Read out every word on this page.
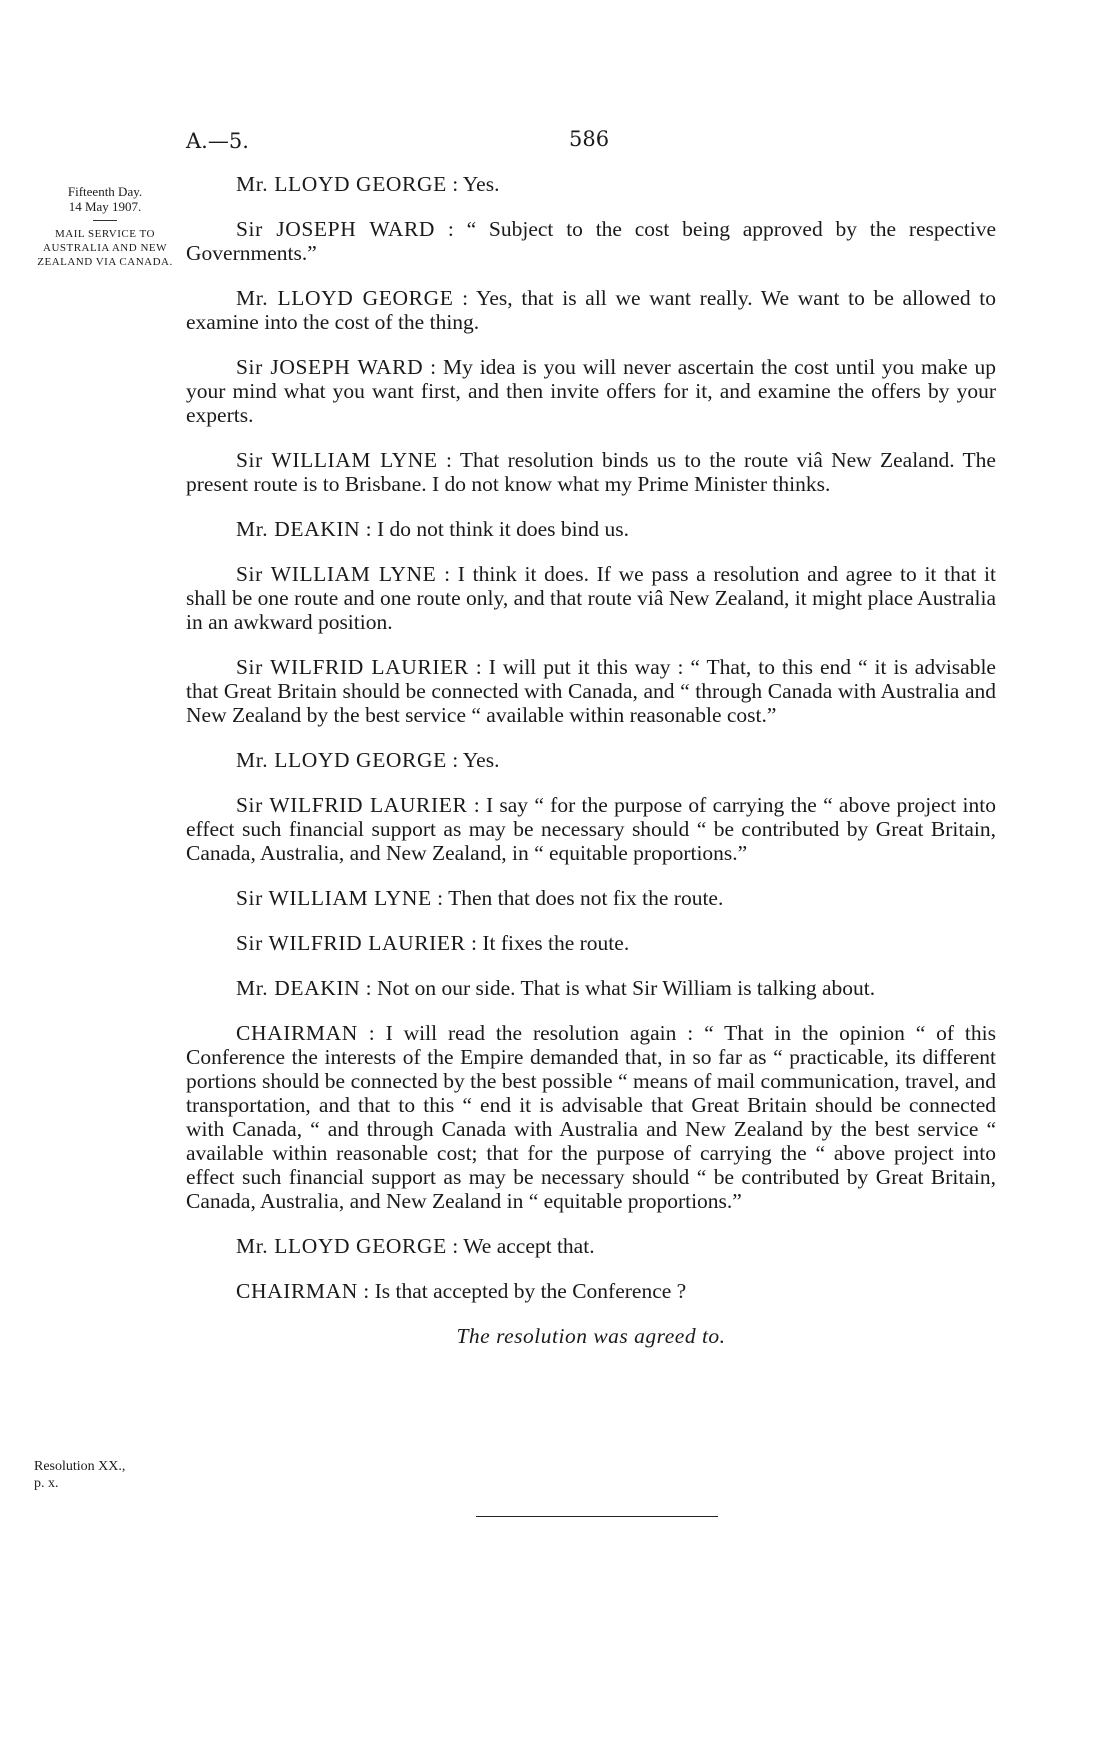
A.—5.	586
Fifteenth Day.
14 May 1907.
MAIL SERVICE TO AUSTRALIA AND NEW ZEALAND VIA CANADA.
Resolution XX.,
p. x.

Mr. LLOYD GEORGE : Yes.

Sir JOSEPH WARD : “ Subject to the cost being approved by the respective Governments.”

Mr. LLOYD GEORGE : Yes, that is all we want really. We want to be allowed to examine into the cost of the thing.

Sir JOSEPH WARD : My idea is you will never ascertain the cost until you make up your mind what you want first, and then invite offers for it, and examine the offers by your experts.

Sir WILLIAM LYNE : That resolution binds us to the route viâ New Zealand. The present route is to Brisbane. I do not know what my Prime Minister thinks.

Mr. DEAKIN : I do not think it does bind us.

Sir WILLIAM LYNE : I think it does. If we pass a resolution and agree to it that it shall be one route and one route only, and that route viâ New Zealand, it might place Australia in an awkward position.

Sir WILFRID LAURIER : I will put it this way : “ That, to this end “ it is advisable that Great Britain should be connected with Canada, and “ through Canada with Australia and New Zealand by the best service “ available within reasonable cost.”

Mr. LLOYD GEORGE : Yes.

Sir WILFRID LAURIER : I say “ for the purpose of carrying the “ above project into effect such financial support as may be necessary should “ be contributed by Great Britain, Canada, Australia, and New Zealand, in “ equitable proportions.”

Sir WILLIAM LYNE : Then that does not fix the route.

Sir WILFRID LAURIER : It fixes the route.

Mr. DEAKIN : Not on our side. That is what Sir William is talking about.

CHAIRMAN : I will read the resolution again : “ That in the opinion “ of this Conference the interests of the Empire demanded that, in so far as “ practicable, its different portions should be connected by the best possible “ means of mail communication, travel, and transportation, and that to this “ end it is advisable that Great Britain should be connected with Canada, “ and through Canada with Australia and New Zealand by the best service “ available within reasonable cost; that for the purpose of carrying the “ above project into effect such financial support as may be necessary should “ be contributed by Great Britain, Canada, Australia, and New Zealand in “ equitable proportions.”

Mr. LLOYD GEORGE : We accept that.

CHAIRMAN : Is that accepted by the Conference ?

The resolution was agreed to.
